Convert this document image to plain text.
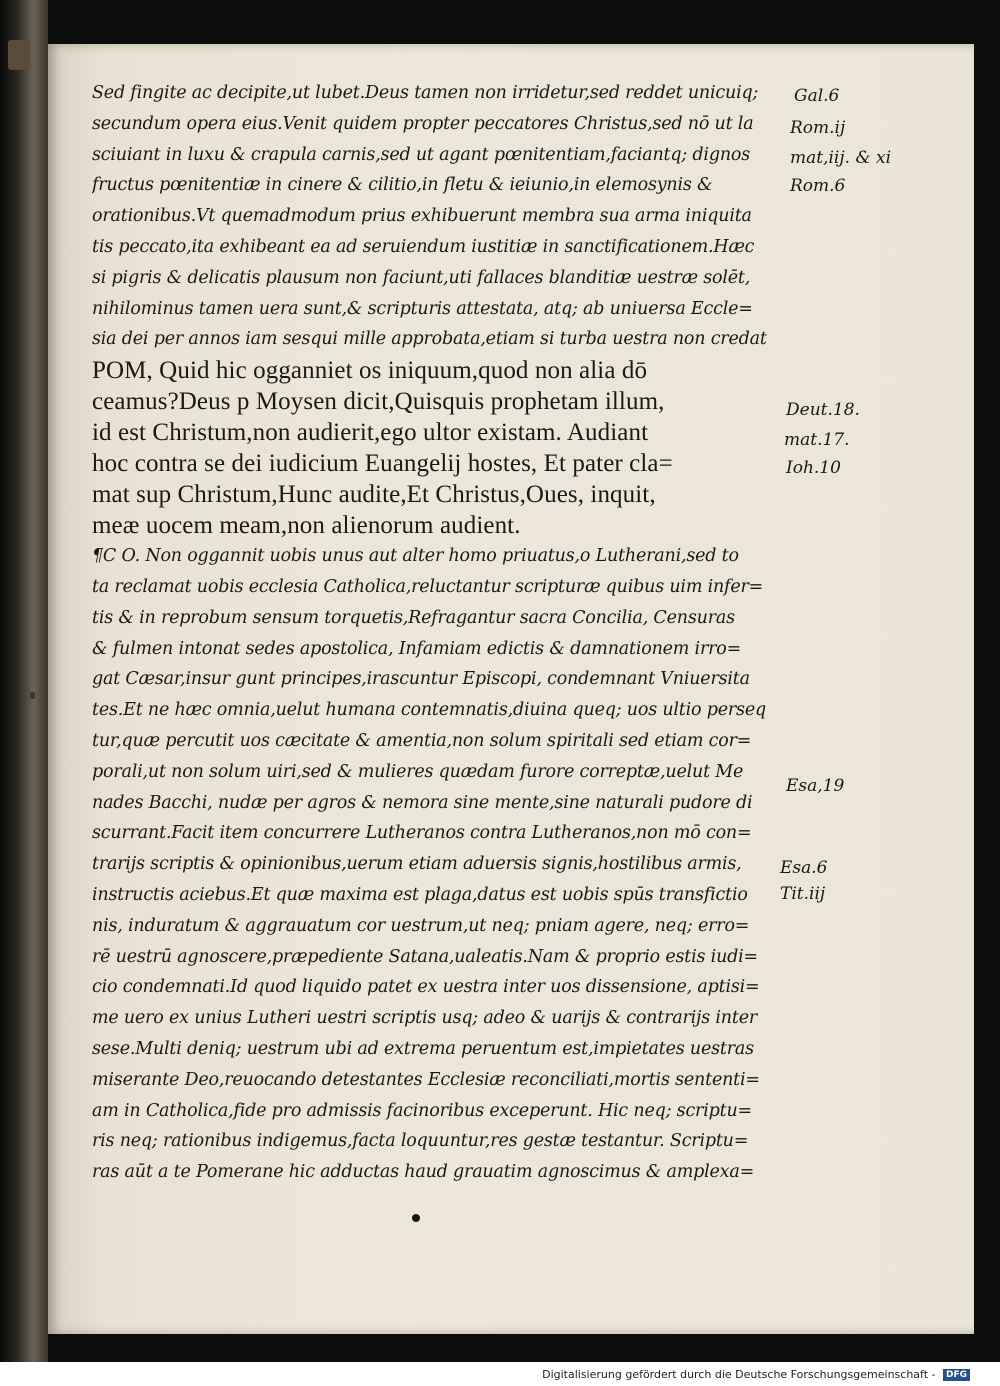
Sed fingite ac decipite,ut lubet.Deus tamen non irridetur,sed reddet unicuiq;
secundum opera eius.Venit quidem propter peccatores Christus,sed nō ut la
sciuiant in luxu & crapula carnis,sed ut agant pœnitentiam,faciantq; dignos
fructus pœnitentiæ in cinere & cilitio,in fletu & ieiunio,in elemosynis &
orationibus.Vt quemadmodum prius exhibuerunt membra sua arma iniquita
tis peccato,ita exhibeant ea ad seruiendum iustitiæ in sanctificationem.Hæc
si pigris & delicatis plausum non faciunt,uti fallaces blanditiæ uestræ solēt,
nihilominus tamen uera sunt,& scripturis attestata, atq; ab uniuersa Eccle=
sia dei per annos iam sesqui mille approbata,etiam si turba uestra non credat
POM, Quid hic ogganniet os iniquum,quod non alia dō
ceamus?Deus p Moysen dicit,Quisquis prophetam illum,
id est Christum,non audierit,ego ultor existam. Audiant
hoc contra se dei iudicium Euangelij hostes, Et pater cla=
mat sup Christum,Hunc audite,Et Christus,Oues, inquit,
meæ uocem meam,non alienorum audient.
¶C O. Non oggannit uobis unus aut alter homo priuatus,o Lutherani,sed to
ta reclamat uobis ecclesia Catholica,reluctantur scripturæ quibus uim infer=
tis & in reprobum sensum torquetis,Refragantur sacra Concilia, Censuras
& fulmen intonat sedes apostolica, Infamiam edictis & damnationem irro=
gat Cæsar,insur gunt principes,irascuntur Episcopi, condemnant Vniuersita
tes.Et ne hæc omnia,uelut humana contemnatis,diuina queq; uos ultio perseq
tur,quæ percutit uos cæcitate & amentia,non solum spiritali sed etiam cor=
porali,ut non solum uiri,sed & mulieres quædam furore correptæ,uelut Me
nades Bacchi, nudæ per agros & nemora sine mente,sine naturali pudore di
scurrant.Facit item concurrere Lutheranos contra Lutheranos,non mō con=
trarijs scriptis & opinionibus,uerum etiam aduersis signis,hostilibus armis,
instructis aciebus.Et quæ maxima est plaga,datus est uobis spūs transfictio
nis, induratum & aggrauatum cor uestrum,ut neq; pniam agere, neq; erro=
rē uestrū agnoscere,præpediente Satana,ualeatis.Nam & proprio estis iudi=
cio condemnati.Id quod liquido patet ex uestra inter uos dissensione, aptisi=
me uero ex unius Lutheri uestri scriptis usq; adeo & uarijs & contrarijs inter
sese.Multi deniq; uestrum ubi ad extrema peruentum est,impietates uestras
miserante Deo,reuocando detestantes Ecclesiæ reconciliati,mortis sententi=
am in Catholica,fide pro admissis facinoribus exceperunt. Hic neq; scriptu=
ris neq; rationibus indigemus,facta loquuntur,res gestæ testantur. Scriptu=
ras aūt a te Pomerane hic adductas haud grauatim agnoscimus & amplexa=
Gal.6
Rom.ij
mat,iij. & xi
Rom.6
Deut.18.
mat.17.
Ioh.10
Esa,19
Esa.6
Tit.iij
Digitalisierung gefördert durch die Deutsche Forschungsgemeinschaft - DFG
